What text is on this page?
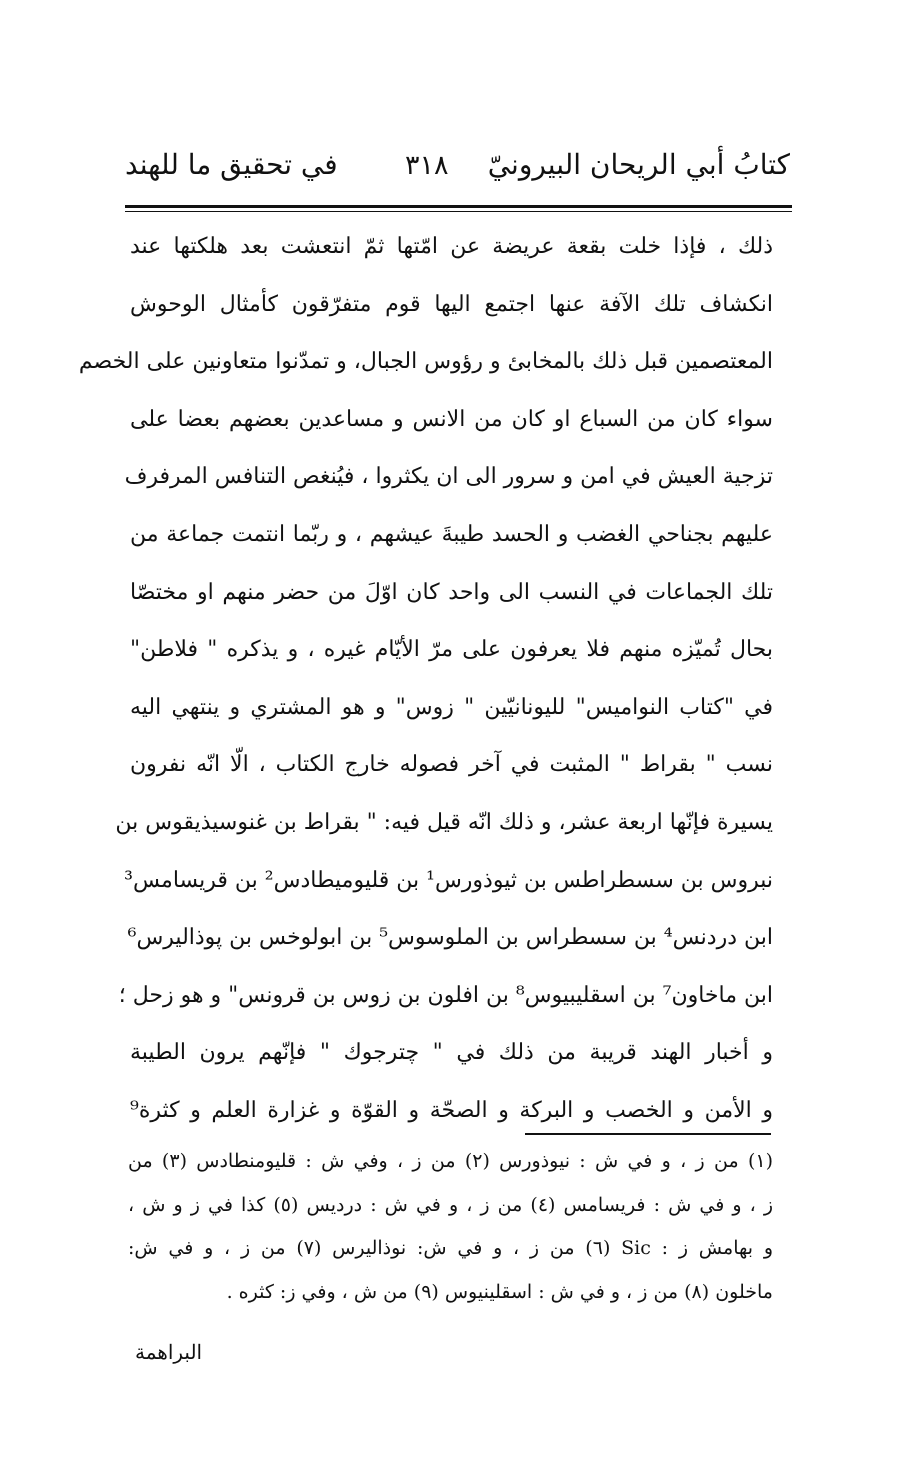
كتابُ أبي الريحان البيرونيّ
٣١٨
في تحقيق ما للهند
ذلك ، فإذا خلت بقعة عريضة عن امّتها ثمّ انتعشت بعد هلكتها عند
انكشاف تلك الآفة عنها اجتمع اليها قوم متفرّقون كأمثال الوحوش
المعتصمين قبل ذلك بالمخابئ و رؤوس الجبال، و تمدّنوا متعاونين على الخصم
سواء كان من السباع او كان من الانس و مساعدين بعضهم بعضا على
تزجية العيش في امن و سرور الى ان يكثروا ، فيُنغص التنافس المرفرف
عليهم بجناحي الغضب و الحسد طيبةَ عيشهم ، و ربّما انتمت جماعة من
تلك الجماعات في النسب الى واحد كان اوّلَ من حضر منهم او مختصّا
بحال تُميّزه منهم فلا يعرفون على مرّ الأيّام غيره ، و يذكره " فلاطن"
في "كتاب النواميس" لليونانيّين " زوس" و هو المشتري و ينتهي اليه
نسب " بقراط " المثبت في آخر فصوله خارج الكتاب ، الّا انّه نفرون
يسيرة فإنّها اربعة عشر، و ذلك انّه قيل فيه: " بقراط بن غنوسيذيقوس بن
نبروس بن سسطراطس بن ثيوذورس¹ بن قليوميطادس² بن قريسامس³
ابن دردنس⁴ بن سسطراس بن الملوسوس⁵ بن ابولوخس بن پوذاليرس⁶
ابن ماخاون⁷ بن اسقليبيوس⁸ بن افلون بن زوس بن قرونس" و هو زحل ؛
و أخبار الهند قريبة من ذلك في " چترجوك " فإنّهم يرون الطيبة
و الأمن و الخصب و البركة و الصحّة و القوّة و غزارة العلم و كثرة⁹
(١) من ز ، و في ش : نيوذورس (٢) من ز ، وفي ش : قليومنطادس (٣) من
ز ، و في ش : فريسامس (٤) من ز ، و في ش : درديس (٥) كذا في ز و ش ،
و بهامش ز : Sic (٦) من ز ، و في ش: نوذاليرس (٧) من ز ، و في ش:
ماخلون (٨) من ز ، و في ش : اسقلينيوس (٩) من ش ، وفي ز: كثره .
البراهمة
